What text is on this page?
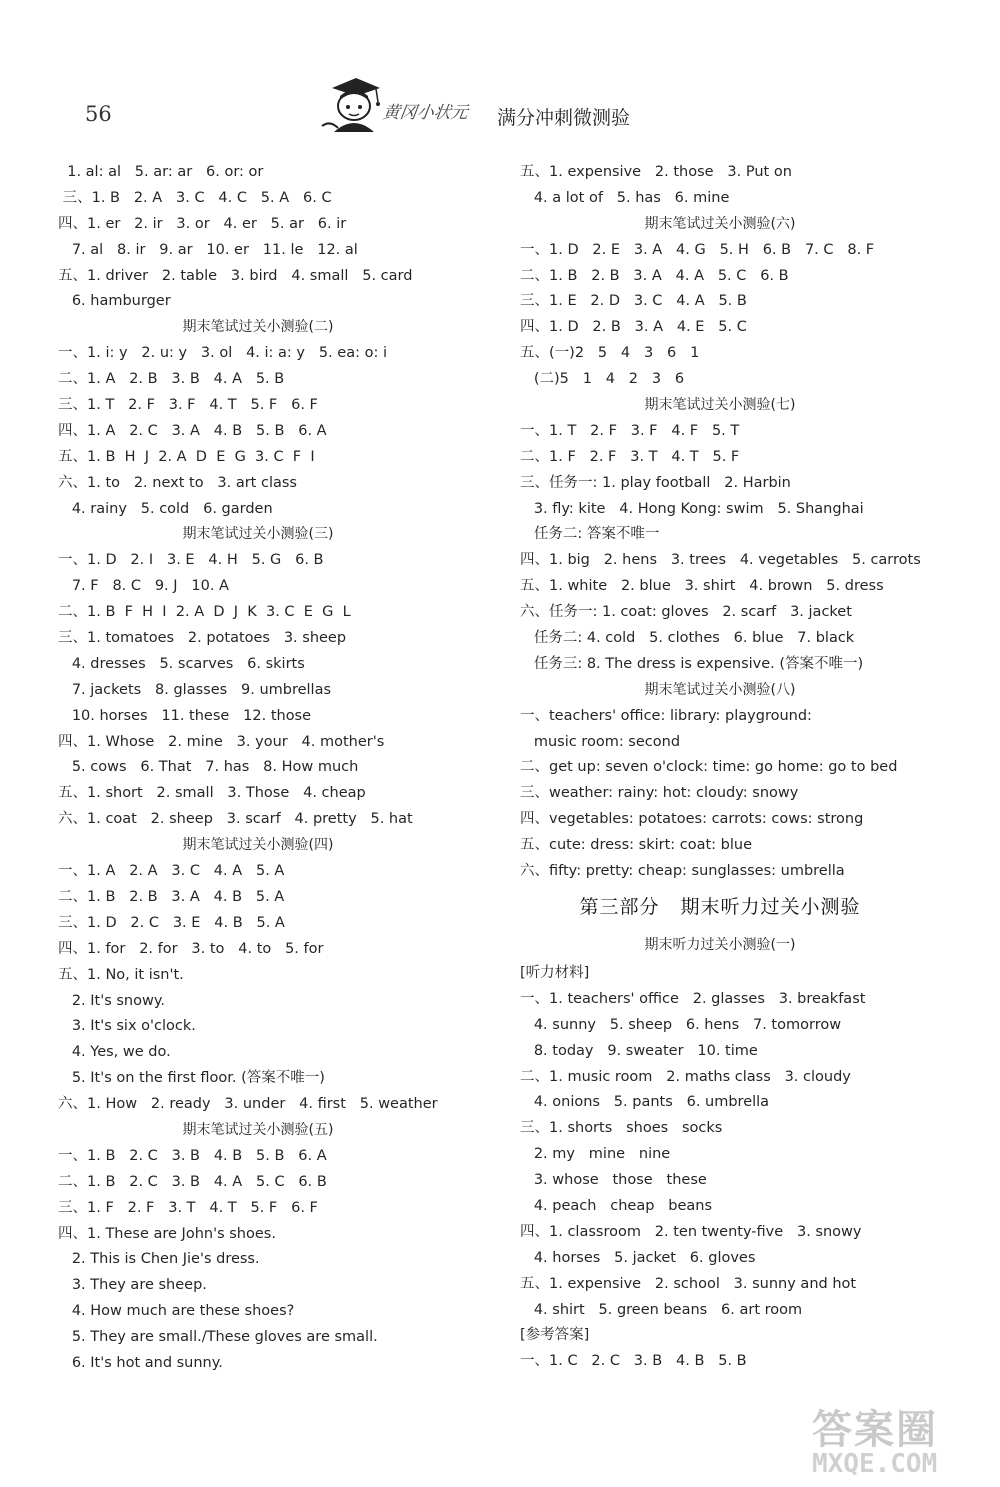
56	黄冈小状元 满分冲刺微测验
1. al: al   5. ar: ar   6. or: or
三、1. B   2. A   3. C   4. C   5. A   6. C
四、1. er   2. ir   3. or   4. er   5. ar   6. ir
7. al   8. ir   9. ar   10. er   11. le   12. al
五、1. driver   2. table   3. bird   4. small   5. card
6. hamburger
期末笔试过关小测验(二)
一、1. i: y   2. u: y   3. ol   4. i: a: y   5. ea: o: i
二、1. A   2. B   3. B   4. A   5. B
三、1. T   2. F   3. F   4. T   5. F   6. F
四、1. A   2. C   3. A   4. B   5. B   6. A
五、1. B  H  J  2. A  D  E  G  3. C  F  I
六、1. to   2. next to   3. art class
4. rainy   5. cold   6. garden
期末笔试过关小测验(三)
一、1. D   2. I   3. E   4. H   5. G   6. B
7. F   8. C   9. J   10. A
二、1. B  F  H  I  2. A  D  J  K  3. C  E  G  L
三、1. tomatoes   2. potatoes   3. sheep
4. dresses   5. scarves   6. skirts
7. jackets   8. glasses   9. umbrellas
10. horses   11. these   12. those
四、1. Whose   2. mine   3. your   4. mother's
5. cows   6. That   7. has   8. How much
五、1. short   2. small   3. Those   4. cheap
六、1. coat   2. sheep   3. scarf   4. pretty   5. hat
期末笔试过关小测验(四)
一、1. A   2. A   3. C   4. A   5. A
二、1. B   2. B   3. A   4. B   5. A
三、1. D   2. C   3. E   4. B   5. A
四、1. for   2. for   3. to   4. to   5. for
五、1. No, it isn't.
2. It's snowy.
3. It's six o'clock.
4. Yes, we do.
5. It's on the first floor. (答案不唯一)
六、1. How   2. ready   3. under   4. first   5. weather
期末笔试过关小测验(五)
一、1. B   2. C   3. B   4. B   5. B   6. A
二、1. B   2. C   3. B   4. A   5. C   6. B
三、1. F   2. F   3. T   4. T   5. F   6. F
四、1. These are John's shoes.
2. This is Chen Jie's dress.
3. They are sheep.
4. How much are these shoes?
5. They are small./These gloves are small.
6. It's hot and sunny.
五、1. expensive   2. those   3. Put on
4. a lot of   5. has   6. mine
期末笔试过关小测验(六)
一、1. D   2. E   3. A   4. G   5. H   6. B   7. C   8. F
二、1. B   2. B   3. A   4. A   5. C   6. B
三、1. E   2. D   3. C   4. A   5. B
四、1. D   2. B   3. A   4. E   5. C
五、(一)2   5   4   3   6   1
(二)5   1   4   2   3   6
期末笔试过关小测验(七)
一、1. T   2. F   3. F   4. F   5. T
二、1. F   2. F   3. T   4. T   5. F
三、任务一: 1. play football   2. Harbin
3. fly: kite   4. Hong Kong: swim   5. Shanghai
任务二: 答案不唯一
四、1. big   2. hens   3. trees   4. vegetables   5. carrots
五、1. white   2. blue   3. shirt   4. brown   5. dress
六、任务一: 1. coat: gloves   2. scarf   3. jacket
任务二: 4. cold   5. clothes   6. blue   7. black
任务三: 8. The dress is expensive. (答案不唯一)
期末笔试过关小测验(八)
一、teachers' office: library: playground:
music room: second
二、get up: seven o'clock: time: go home: go to bed
三、weather: rainy: hot: cloudy: snowy
四、vegetables: potatoes: carrots: cows: strong
五、cute: dress: skirt: coat: blue
六、fifty: pretty: cheap: sunglasses: umbrella
第三部分   期末听力过关小测验
期末听力过关小测验(一)
[听力材料]
一、1. teachers' office   2. glasses   3. breakfast
4. sunny   5. sheep   6. hens   7. tomorrow
8. today   9. sweater   10. time
二、1. music room   2. maths class   3. cloudy
4. onions   5. pants   6. umbrella
三、1. shorts   shoes   socks
2. my   mine   nine
3. whose   those   these
4. peach   cheap   beans
四、1. classroom   2. ten twenty-five   3. snowy
4. horses   5. jacket   6. gloves
五、1. expensive   2. school   3. sunny and hot
4. shirt   5. green beans   6. art room
[参考答案]
一、1. C   2. C   3. B   4. B   5. B
答案圈
MXQE.COM
